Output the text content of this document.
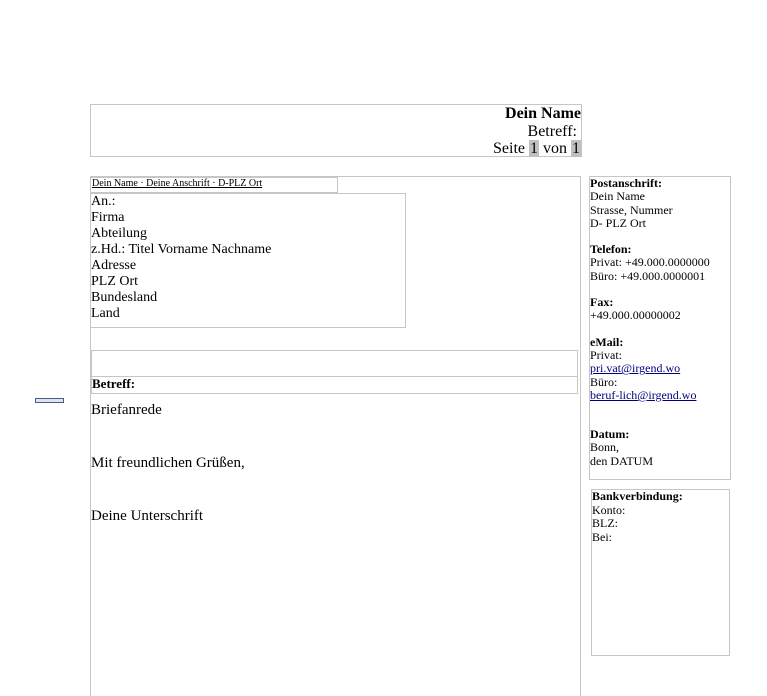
Dein Name
Betreff:
Seite 1 von 1
Dein Name · Deine Anschrift · D-PLZ Ort
An.:
Firma
Abteilung
z.Hd.: Titel Vorname Nachname
Adresse
PLZ Ort
Bundesland
Land
Betreff:
Briefanrede
Mit freundlichen Grüßen,
Deine Unterschrift
Postanschrift:
Dein Name
Strasse, Nummer
D- PLZ Ort
Telefon:
Privat: +49.000.0000000
Büro: +49.000.0000001
Fax:
+49.000.00000002
eMail:
Privat:
pri.vat@irgend.wo
Büro:
beruf-lich@irgend.wo
Datum:
Bonn,
den DATUM
Bankverbindung:
Konto:
BLZ:
Bei:
